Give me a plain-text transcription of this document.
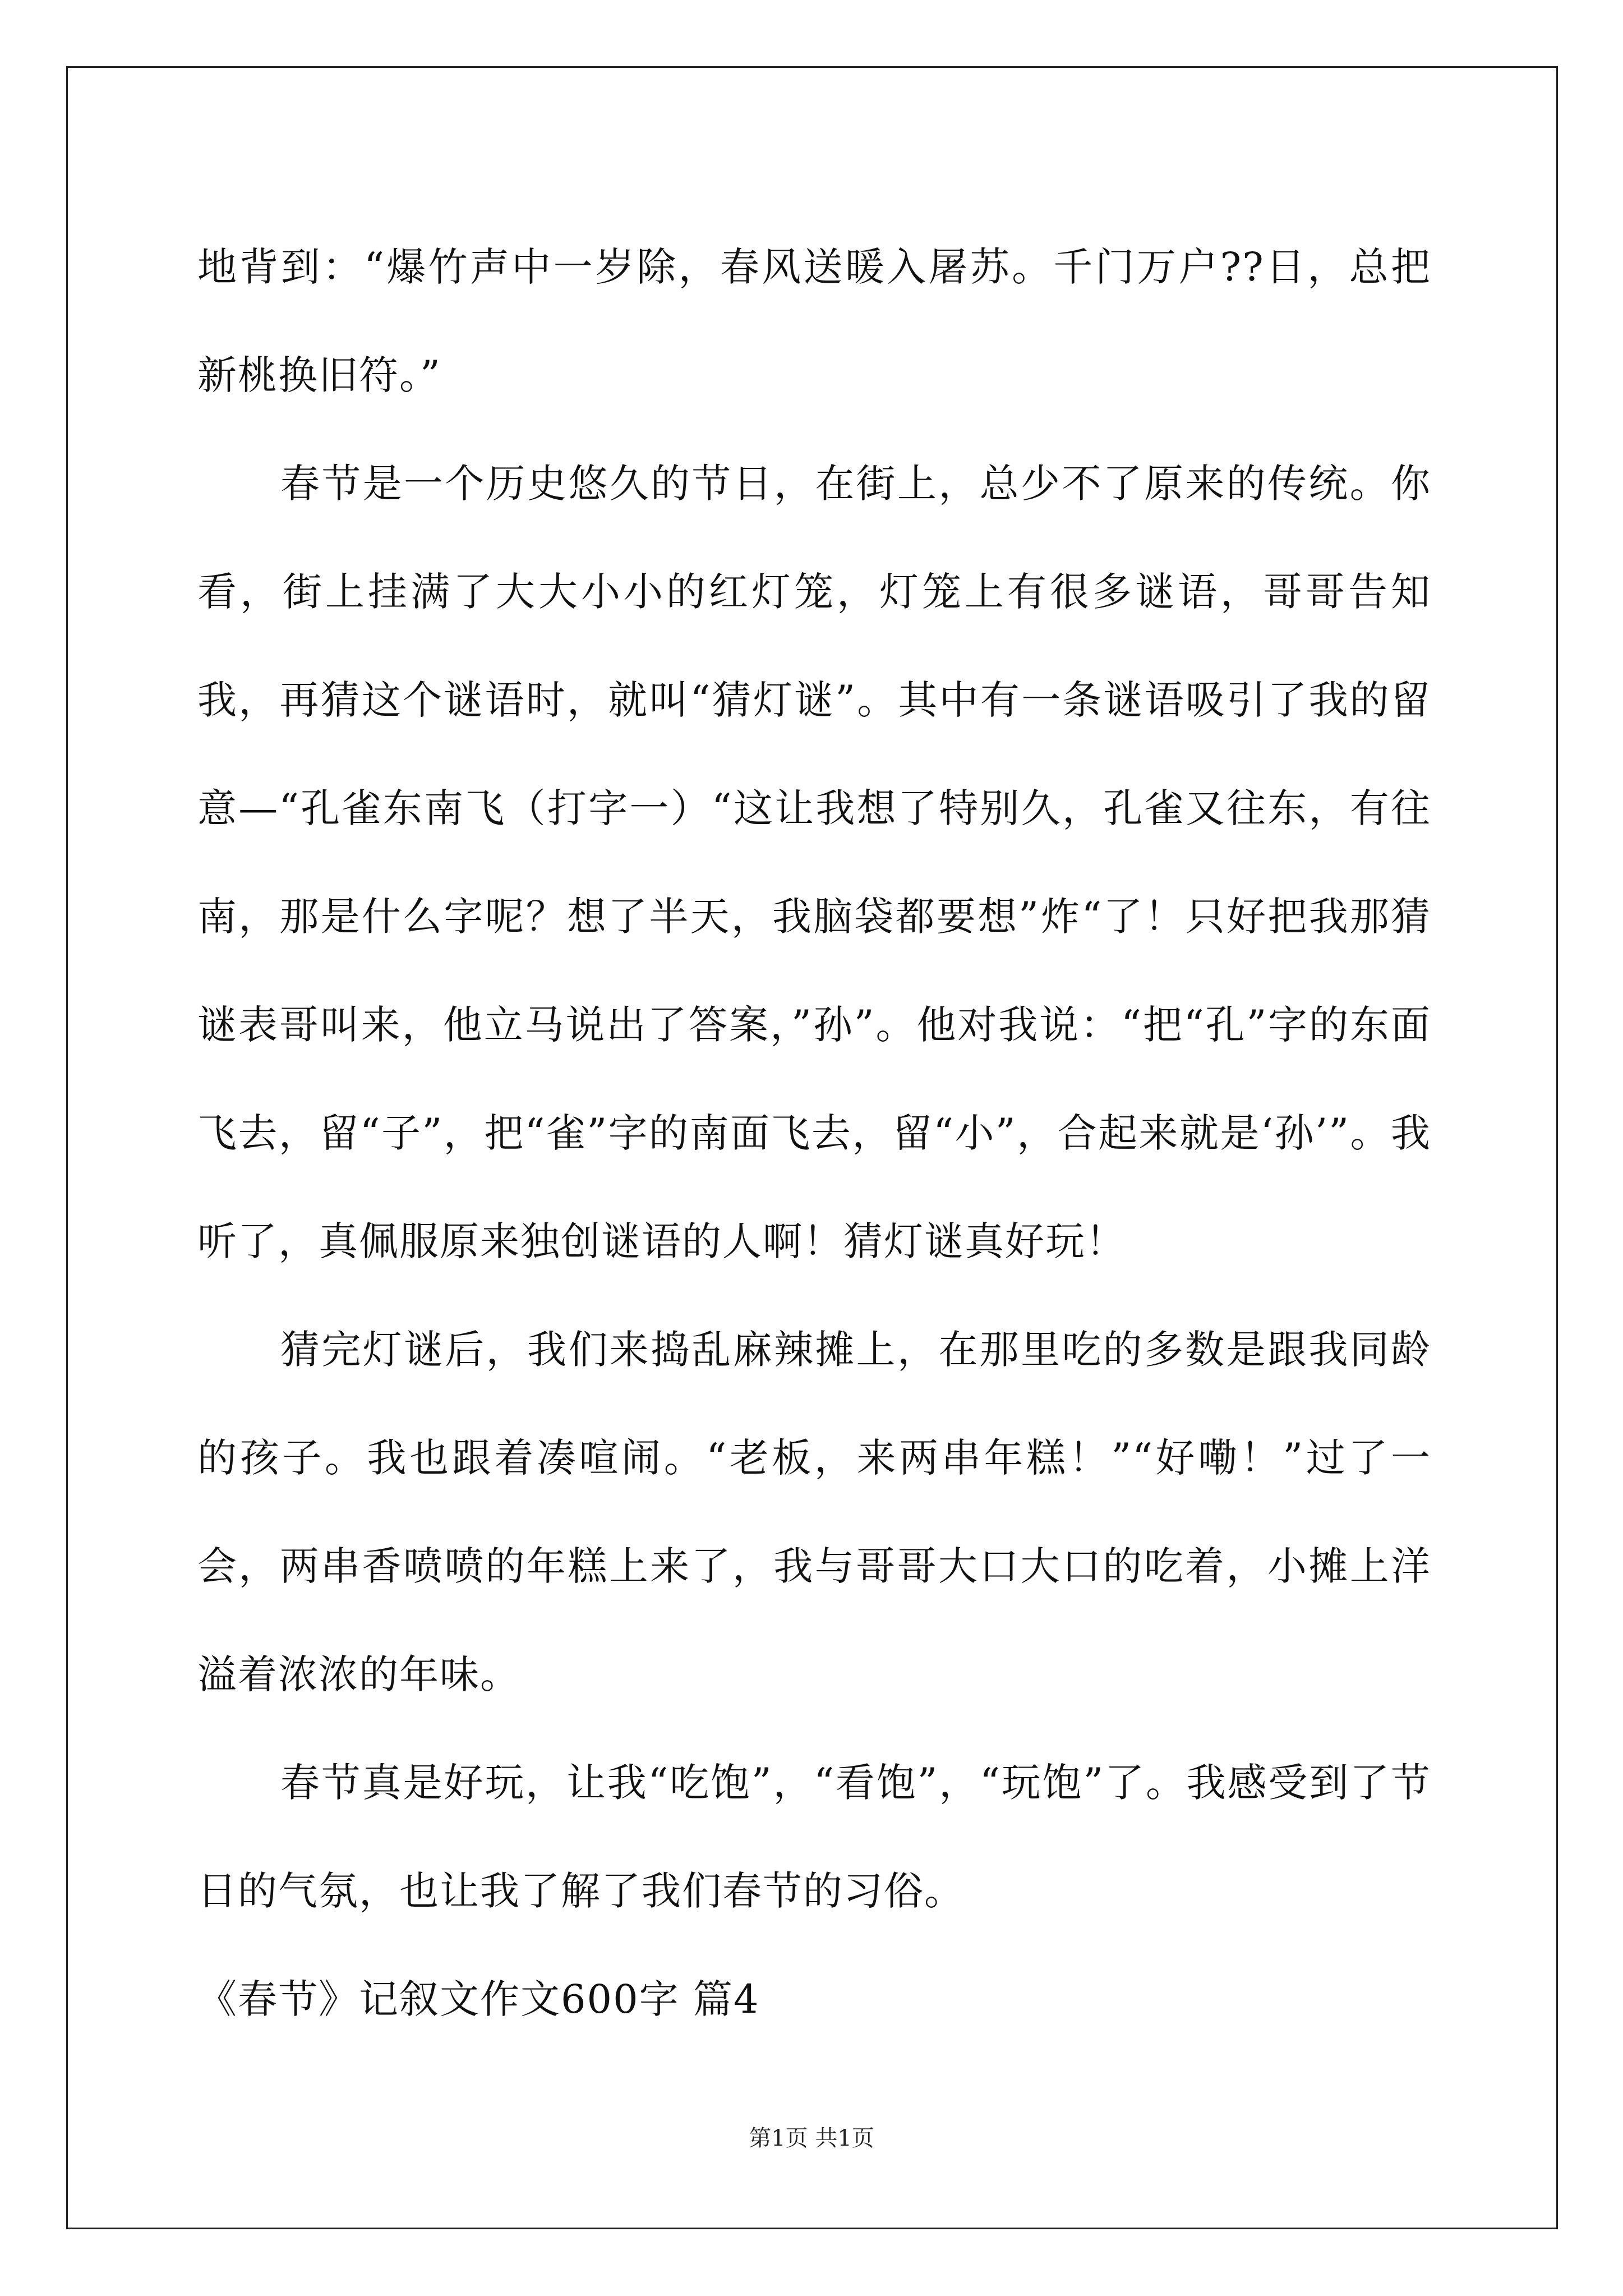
地背到：“爆竹声中一岁除，春风送暖入屠苏。千门万户??日，总把新桃换旧符。”

春节是一个历史悠久的节日，在街上，总少不了原来的传统。你看，街上挂满了大大小小的红灯笼，灯笼上有很多谜语，哥哥告知我，再猜这个谜语时，就叫“猜灯谜”。其中有一条谜语吸引了我的留意—“孔雀东南飞（打字一）“这让我想了特别久，孔雀又往东，有往南，那是什么字呢？想了半天，我脑袋都要想”炸“了！只好把我那猜谜表哥叫来，他立马说出了答案，”孙”。他对我说：“把“孔”字的东面飞去，留“子”，把“雀”字的南面飞去，留“小”，合起来就是‘孙’”。我听了，真佩服原来独创谜语的人啊！猜灯谜真好玩！

猜完灯谜后，我们来捣乱麻辣摊上，在那里吃的多数是跟我同龄的孩子。我也跟着凑喧闹。“老板，来两串年糕！”“好嘞！”过了一会，两串香喷喷的年糕上来了，我与哥哥大口大口的吃着，小摊上洋溢着浓浓的年味。

春节真是好玩，让我“吃饱”，“看饱”，“玩饱”了。我感受到了节日的气氛，也让我了解了我们春节的习俗。

《春节》记叙文作文600字 篇4

第1页 共1页
